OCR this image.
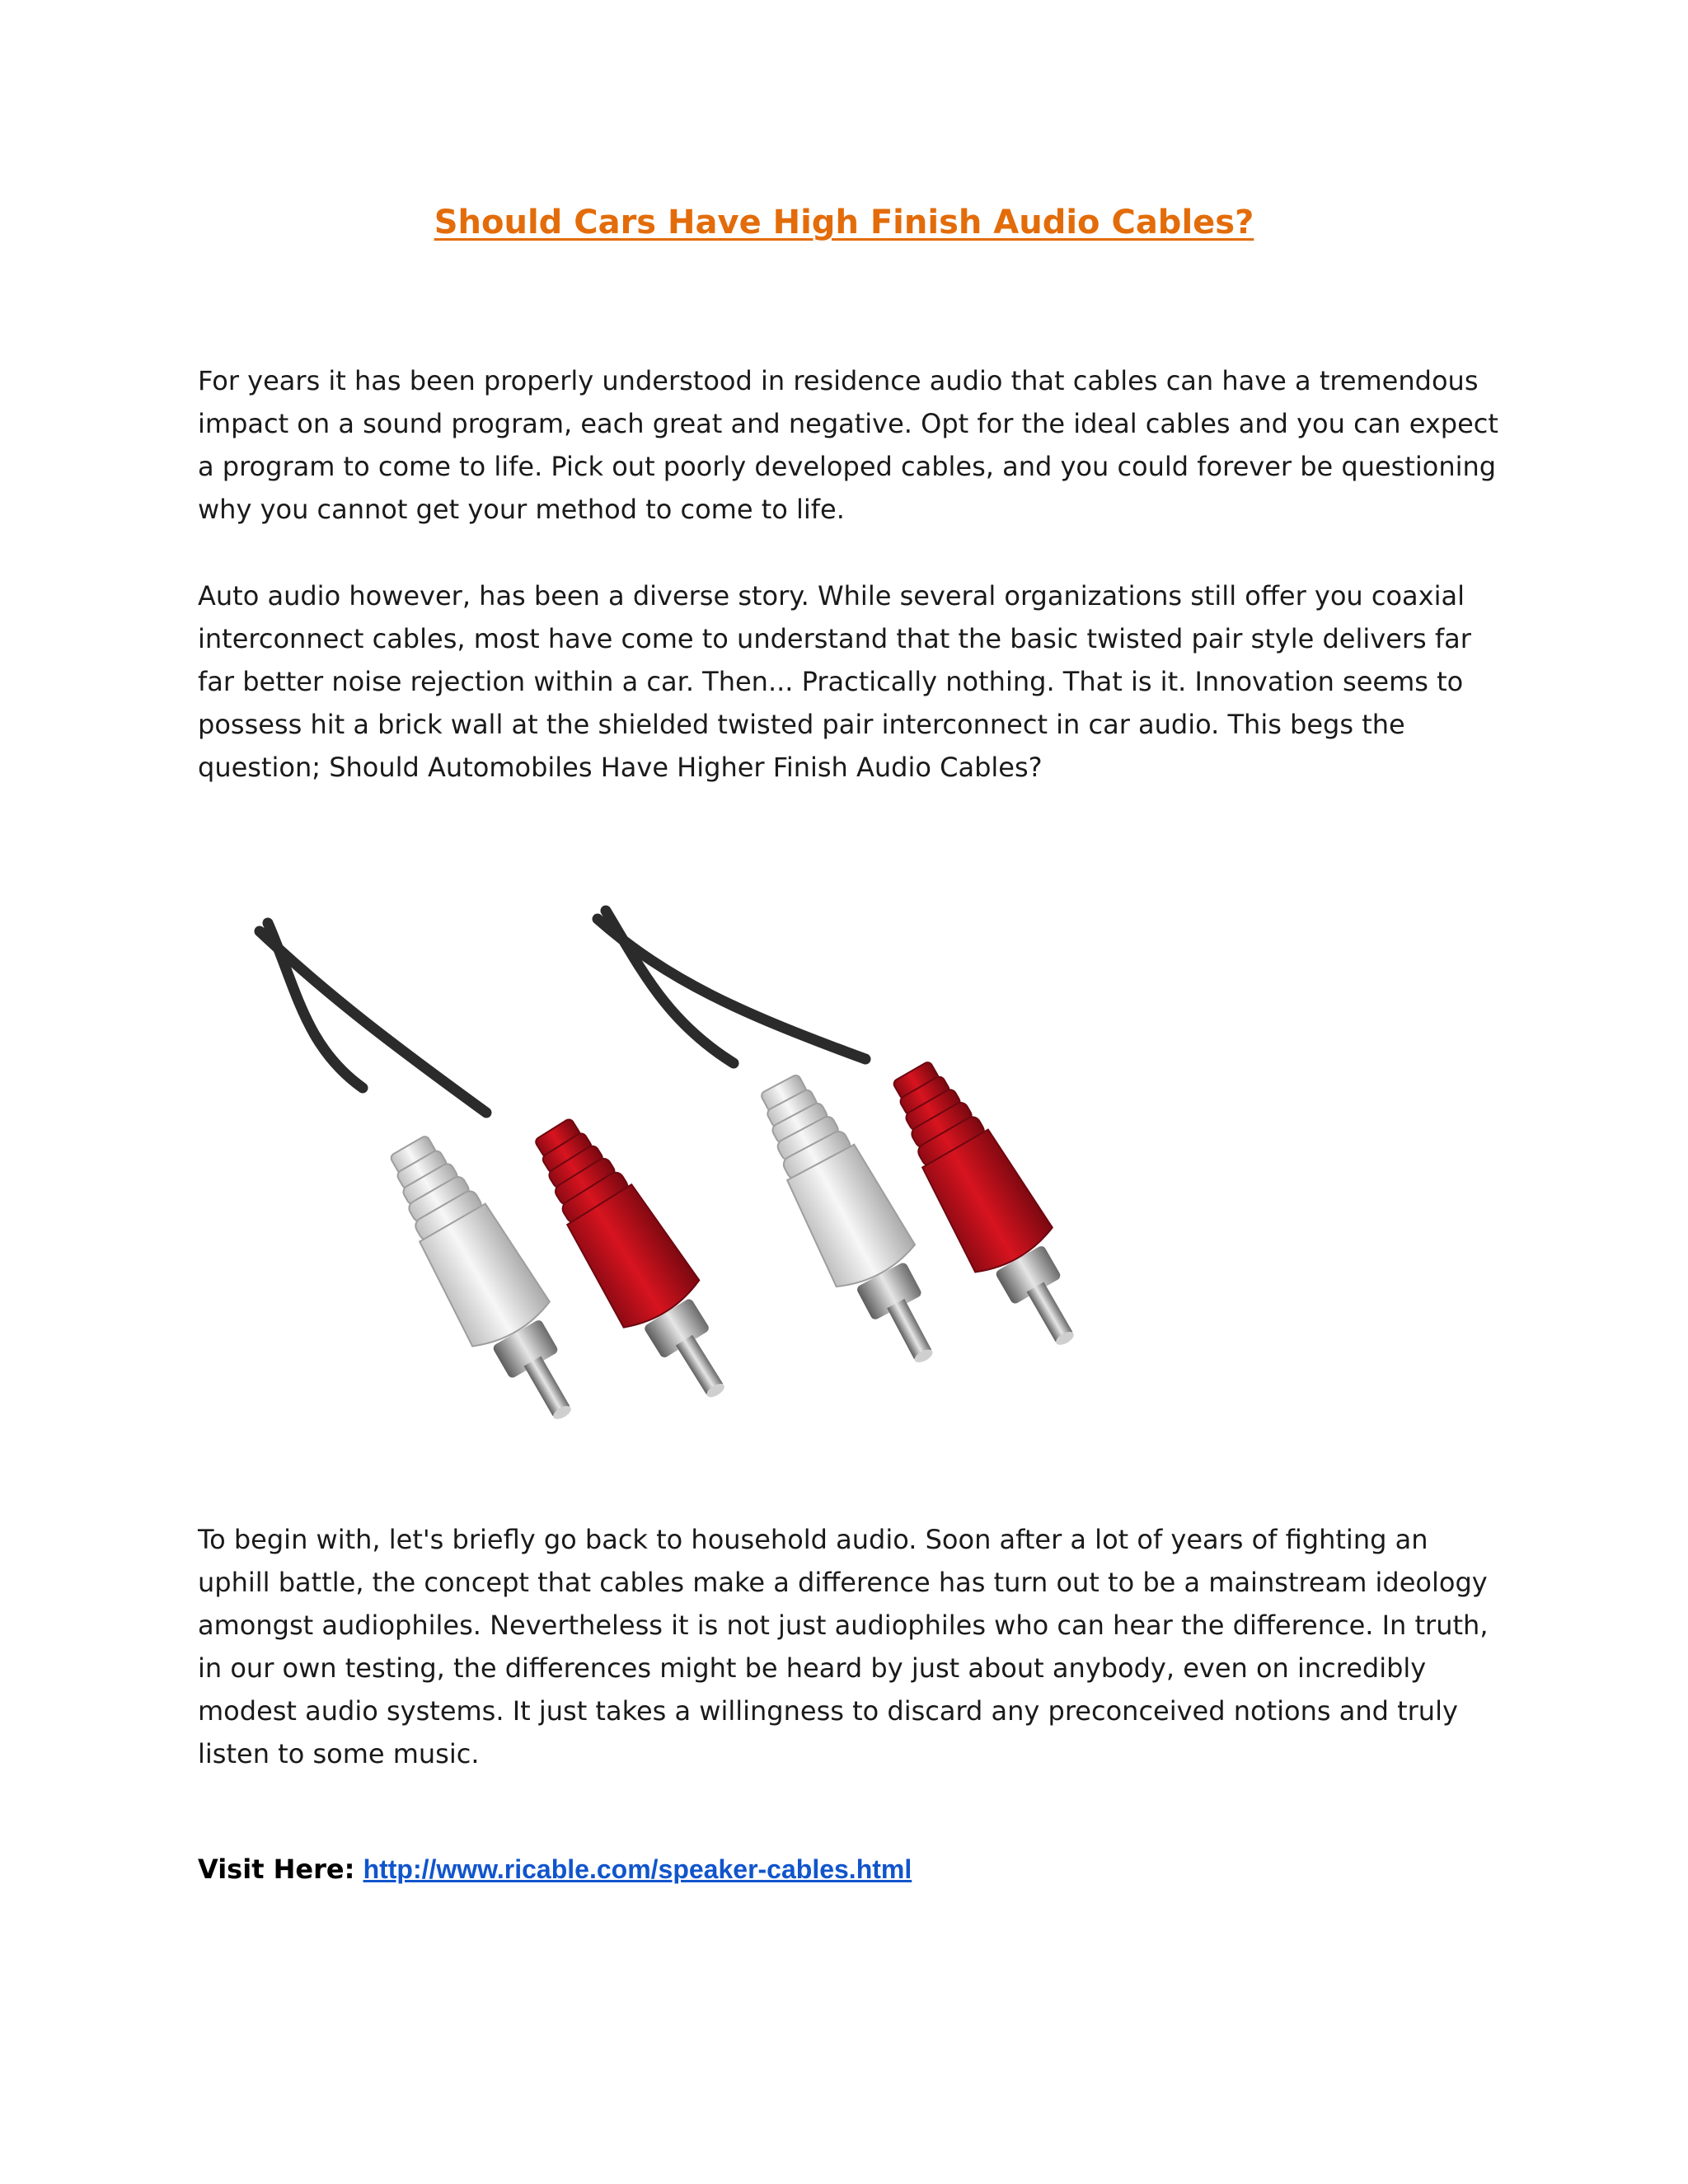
Should Cars Have High Finish Audio Cables?

For years it has been properly understood in residence audio that cables can have a tremendous impact on a sound program, each great and negative. Opt for the ideal cables and you can expect a program to come to life. Pick out poorly developed cables, and you could forever be questioning why you cannot get your method to come to life.

Auto audio however, has been a diverse story. While several organizations still offer you coaxial interconnect cables, most have come to understand that the basic twisted pair style delivers far far better noise rejection within a car. Then... Practically nothing. That is it. Innovation seems to possess hit a brick wall at the shielded twisted pair interconnect in car audio. This begs the question; Should Automobiles Have Higher Finish Audio Cables?

To begin with, let's briefly go back to household audio. Soon after a lot of years of fighting an uphill battle, the concept that cables make a difference has turn out to be a mainstream ideology amongst audiophiles. Nevertheless it is not just audiophiles who can hear the difference. In truth, in our own testing, the differences might be heard by just about anybody, even on incredibly modest audio systems. It just takes a willingness to discard any preconceived notions and truly listen to some music.

Visit Here: http://www.ricable.com/speaker-cables.html
